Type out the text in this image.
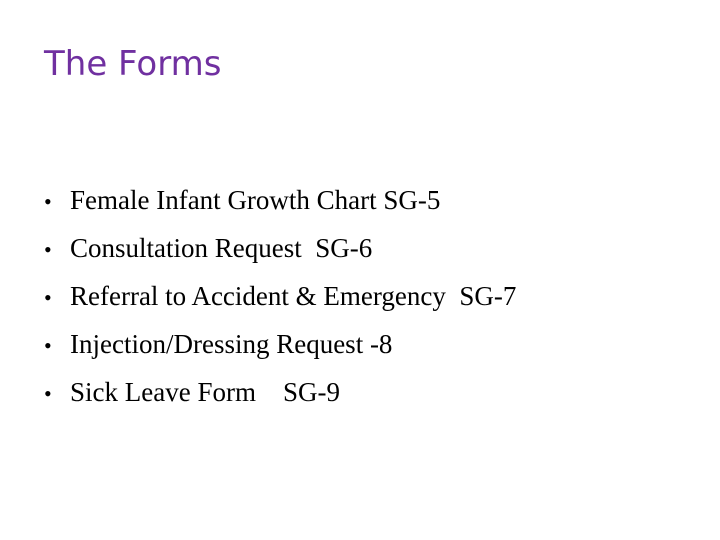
The Forms
• Female Infant Growth Chart SG-5
• Consultation Request  SG-6
• Referral to Accident & Emergency  SG-7
• Injection/Dressing Request -8
• Sick Leave Form    SG-9
